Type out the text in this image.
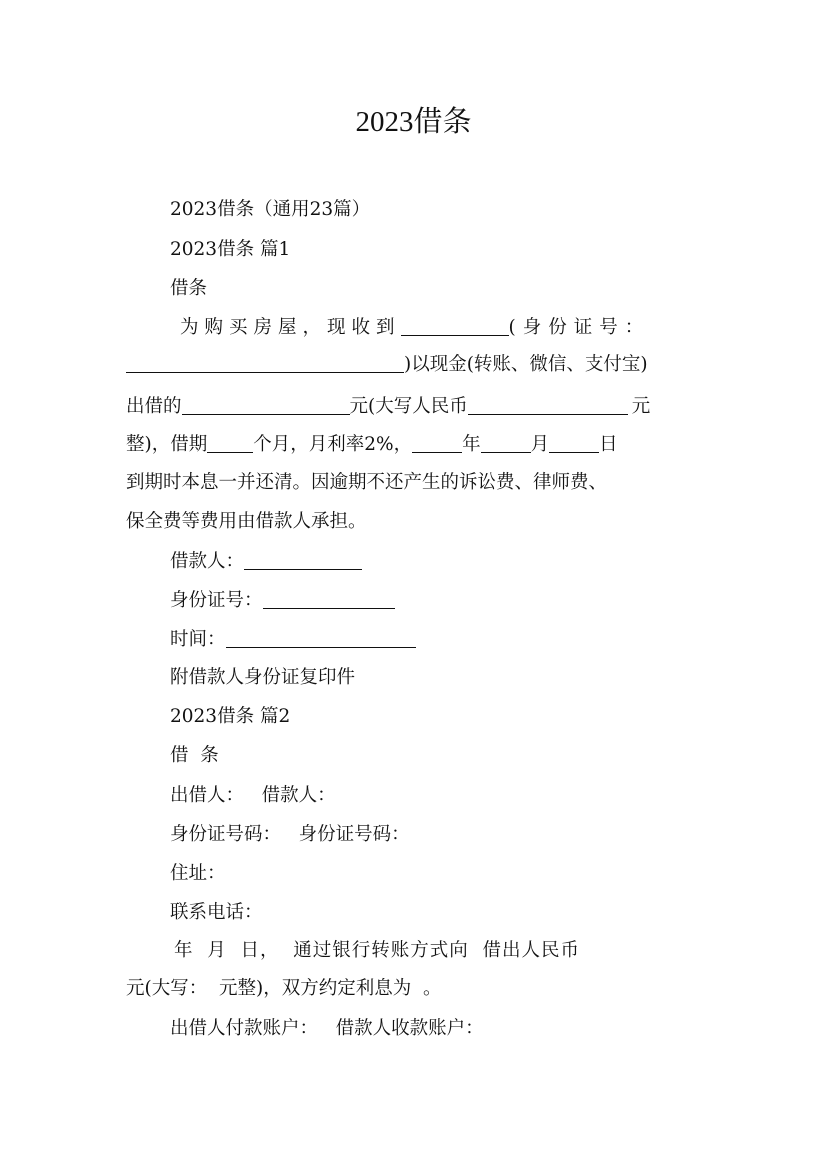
2023借条
2023借条（通用23篇）
2023借条 篇1
借条
为购买房屋，现收到	(身份证号：
)以现金(转账、微信、支付宝)
出借的	元(大写人民币	元
整)，借期 个月，月利率2%，	年	月	日
到期时本息一并还清。因逾期不还产生的诉讼费、律师费、
保全费等费用由借款人承担。
借款人：
身份证号：
时间：
附借款人身份证复印件
2023借条 篇2
借  条
出借人：   借款人：
身份证号码：   身份证号码：
住址：
联系电话：
年  月  日，  通过银行转账方式向  借出人民币
元(大写：  元整)，双方约定利息为  。
出借人付款账户：   借款人收款账户：
